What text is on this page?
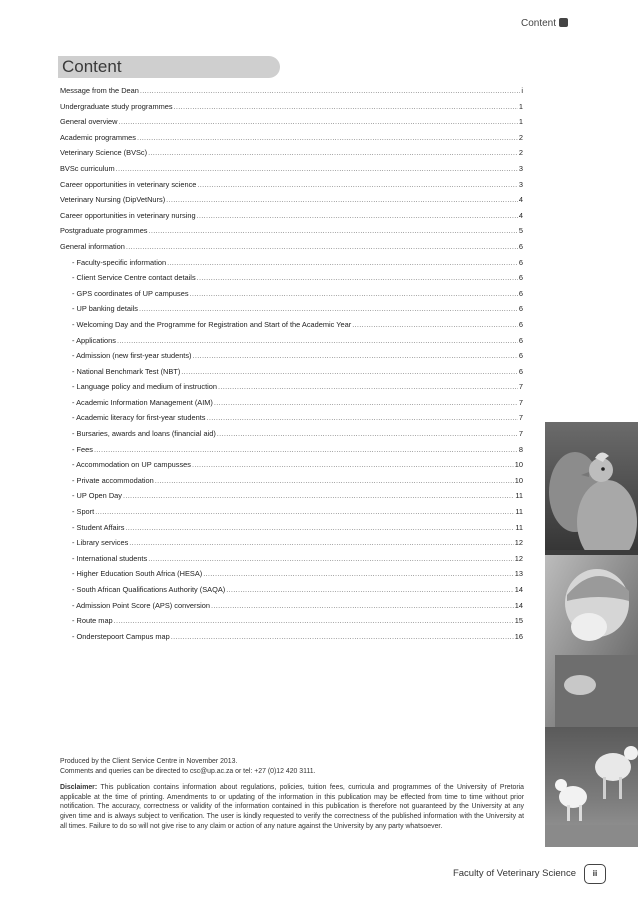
Content
Content
Message from the Dean .....	i
Undergraduate study programmes .....	1
General overview .....	1
Academic programmes .....	2
Veterinary Science (BVSc) .....	2
BVSc curriculum .....	3
Career opportunities in veterinary science .....	3
Veterinary Nursing (DipVetNurs) .....	4
Career opportunities in veterinary nursing .....	4
Postgraduate programmes .....	5
General information .....	6
- Faculty-specific information .....	6
- Client Service Centre contact details .....	6
- GPS coordinates of UP campuses .....	6
- UP banking details .....	6
- Welcoming Day and the Programme for Registration and Start of the Academic Year .....	6
- Applications .....	6
- Admission (new first-year students) .....	6
- National Benchmark Test (NBT) .....	6
- Language policy and medium of instruction .....	7
- Academic Information Management (AIM) .....	7
- Academic literacy for first-year students .....	7
- Bursaries, awards and loans (financial aid) .....	7
- Fees .....	8
- Accommodation on UP campusses .....	10
- Private accommodation .....	10
- UP Open Day .....	11
- Sport .....	11
- Student Affairs .....	11
- Library services .....	12
- International students .....	12
- Higher Education South Africa (HESA) .....	13
- South African Qualifications Authority (SAQA) .....	14
- Admission Point Score (APS) conversion .....	14
- Route map .....	15
- Onderstepoort Campus map .....	16

Produced by the Client Service Centre in November 2013.

Comments and queries can be directed to csc@up.ac.za or tel: +27 (0)12 420 3111.

Disclaimer: This publication contains information about regulations, policies, tuition fees, curricula and programmes of the University of Pretoria applicable at the time of printing. Amendments to or updating of the information in this publication may be effected from time to time without prior notification. The accuracy, correctness or validity of the information contained in this publication is therefore not guaranteed by the University at any given time and is always subject to verification. The user is kindly requested to verify the correctness of the published information with the University at all times. Failure to do so will not give rise to any claim or action of any nature against the University by any party whatsoever.

Faculty of Veterinary Science	ii
